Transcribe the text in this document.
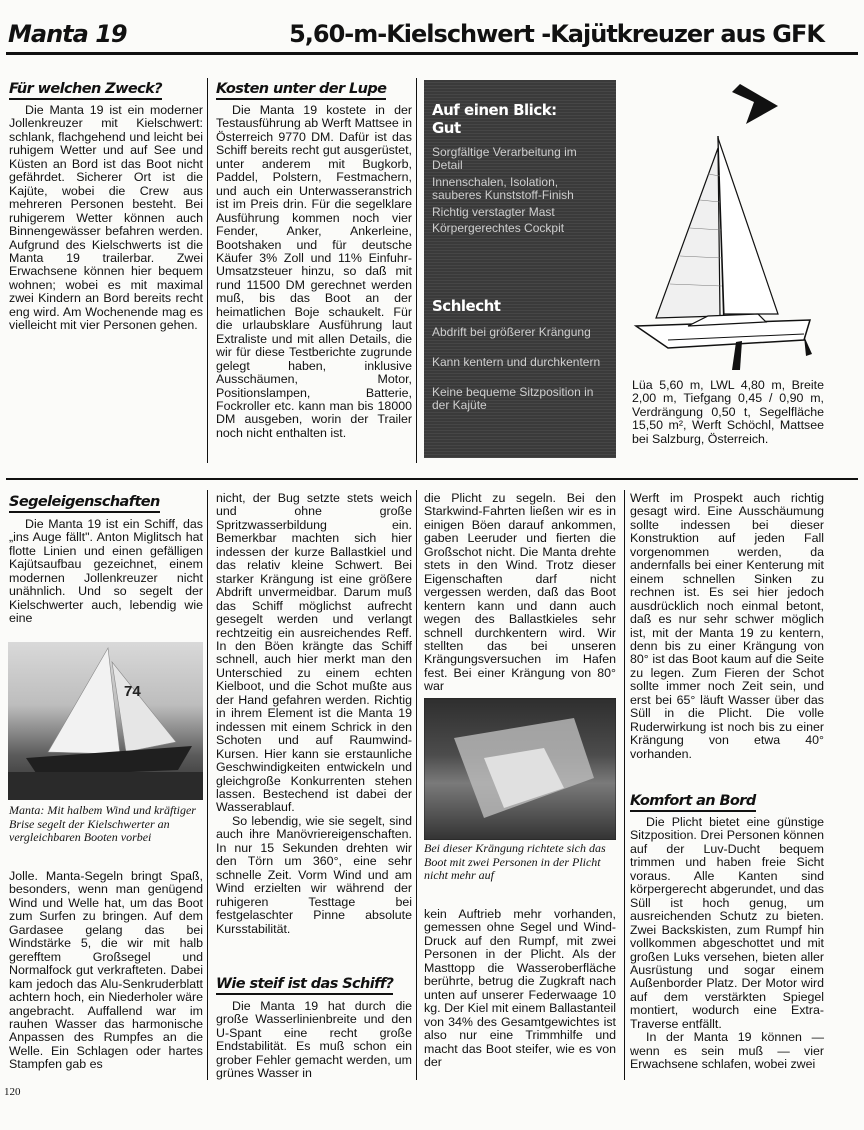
Manta 19	5,60-m-Kielschwert -Kajütkreuzer aus GFK
Für welchen Zweck?

Die Manta 19 ist ein moderner Jollenkreuzer mit Kielschwert: schlank, flachgehend und leicht bei ruhigem Wetter und auf See und Küsten an Bord ist das Boot nicht gefährdet. Sicherer Ort ist die Kajüte, wobei die Crew aus mehreren Personen besteht. Bei ruhigerem Wetter können auch Binnengewässer befahren werden. Aufgrund des Kielschwerts ist die Manta 19 trailerbar. Zwei Erwachsene können hier bequem wohnen; wobei es mit maximal zwei Kindern an Bord bereits recht eng wird. Am Wochenende mag es vielleicht mit vier Personen gehen.

Kosten unter der Lupe

Die Manta 19 kostete in der Testausführung ab Werft Mattsee in Österreich 9770 DM. Dafür ist das Schiff bereits recht gut ausgerüstet, unter anderem mit Bugkorb, Paddel, Polstern, Festmachern, und auch ein Unterwasseranstrich ist im Preis drin. Für die segelklare Ausführung kommen noch vier Fender, Anker, Ankerleine, Bootshaken und für deutsche Käufer 3% Zoll und 11% Einfuhr-Umsatzsteuer hinzu, so daß mit rund 11500 DM gerechnet werden muß, bis das Boot an der heimatlichen Boje schaukelt. Für die urlaubsklare Ausführung laut Extraliste und mit allen Details, die wir für diese Testberichte zugrunde gelegt haben, inklusive Ausschäumen, Motor, Positionslampen, Batterie, Fockroller etc. kann man bis 18000 DM ausgeben, worin der Trailer noch nicht enthalten ist.

Auf einen Blick:
Gut
Sorgfältige Verarbeitung im Detail
Innenschalen, Isolation, sauberes Kunststoff-Finish
Richtig verstagter Mast
Körpergerechtes Cockpit
Schlecht
Abdrift bei größerer Krängung
Kann kentern und durchkentern
Keine bequeme Sitzposition in der Kajüte

Lüa 5,60 m, LWL 4,80 m, Breite 2,00 m, Tiefgang 0,45 / 0,90 m, Verdrängung 0,50 t, Segelfläche 15,50 m², Werft Schöchl, Mattsee bei Salzburg, Österreich.

Segeleigenschaften

Die Manta 19 ist ein Schiff, das „ins Auge fällt". Anton Miglitsch hat flotte Linien und einen gefälligen Kajütsaufbau gezeichnet, einem modernen Jollenkreuzer nicht unähnlich. Und so segelt der Kielschwerter auch, lebendig wie eine

74
Manta: Mit halbem Wind und kräftiger Brise segelt der Kielschwerter an vergleichbaren Booten vorbei

Jolle. Manta-Segeln bringt Spaß, besonders, wenn man genügend Wind und Welle hat, um das Boot zum Surfen zu bringen. Auf dem Gardasee gelang das bei Windstärke 5, die wir mit halb gerefftem Großsegel und Normalfock gut verkrafteten. Dabei kam jedoch das Alu-Senkruderblatt achtern hoch, ein Niederholer wäre angebracht. Auffallend war im rauhen Wasser das harmonische Anpassen des Rumpfes an die Welle. Ein Schlagen oder hartes Stampfen gab es

nicht, der Bug setzte stets weich und ohne große Spritzwasserbildung ein. Bemerkbar machten sich hier indessen der kurze Ballastkiel und das relativ kleine Schwert. Bei starker Krängung ist eine größere Abdrift unvermeidbar. Darum muß das Schiff möglichst aufrecht gesegelt werden und verlangt rechtzeitig ein ausreichendes Reff. In den Böen krängte das Schiff schnell, auch hier merkt man den Unterschied zu einem echten Kielboot, und die Schot mußte aus der Hand gefahren werden. Richtig in ihrem Element ist die Manta 19 indessen mit einem Schrick in den Schoten und auf Raumwind-Kursen. Hier kann sie erstaunliche Geschwindigkeiten entwickeln und gleichgroße Konkurrenten stehen lassen. Bestechend ist dabei der Wasserablauf.

So lebendig, wie sie segelt, sind auch ihre Manövriereigenschaften. In nur 15 Sekunden drehten wir den Törn um 360°, eine sehr schnelle Zeit. Vorm Wind und am Wind erzielten wir während der ruhigeren Testtage bei festgelaschter Pinne absolute Kursstabilität.

Wie steif ist das Schiff?

Die Manta 19 hat durch die große Wasserlinienbreite und den U-Spant eine recht große Endstabilität. Es muß schon ein grober Fehler gemacht werden, um grünes Wasser in

die Plicht zu segeln. Bei den Starkwind-Fahrten ließen wir es in einigen Böen darauf ankommen, gaben Leeruder und fierten die Großschot nicht. Die Manta drehte stets in den Wind. Trotz dieser Eigenschaften darf nicht vergessen werden, daß das Boot kentern kann und dann auch wegen des Ballastkieles sehr schnell durchkentern wird. Wir stellten das bei unseren Krängungsversuchen im Hafen fest. Bei einer Krängung von 80° war

Bei dieser Krängung richtete sich das Boot mit zwei Personen in der Plicht nicht mehr auf

kein Auftrieb mehr vorhanden, gemessen ohne Segel und Wind-Druck auf den Rumpf, mit zwei Personen in der Plicht. Als der Masttopp die Wasseroberfläche berührte, betrug die Zugkraft nach unten auf unserer Federwaage 10 kg. Der Kiel mit einem Ballastanteil von 34% des Gesamtgewichtes ist also nur eine Trimmhilfe und macht das Boot steifer, wie es von der

Werft im Prospekt auch richtig gesagt wird. Eine Ausschäumung sollte indessen bei dieser Konstruktion auf jeden Fall vorgenommen werden, da andernfalls bei einer Kenterung mit einem schnellen Sinken zu rechnen ist. Es sei hier jedoch ausdrücklich noch einmal betont, daß es nur sehr schwer möglich ist, mit der Manta 19 zu kentern, denn bis zu einer Krängung von 80° ist das Boot kaum auf die Seite zu legen. Zum Fieren der Schot sollte immer noch Zeit sein, und erst bei 65° läuft Wasser über das Süll in die Plicht. Die volle Ruderwirkung ist noch bis zu einer Krängung von etwa 40° vorhanden.

Komfort an Bord

Die Plicht bietet eine günstige Sitzposition. Drei Personen können auf der Luv-Ducht bequem trimmen und haben freie Sicht voraus. Alle Kanten sind körpergerecht abgerundet, und das Süll ist hoch genug, um ausreichenden Schutz zu bieten. Zwei Backskisten, zum Rumpf hin vollkommen abgeschottet und mit großen Luks versehen, bieten aller Ausrüstung und sogar einem Außenborder Platz. Der Motor wird auf dem verstärkten Spiegel montiert, wodurch eine Extra-Traverse entfällt.

In der Manta 19 können — wenn es sein muß — vier Erwachsene schlafen, wobei zwei

120
